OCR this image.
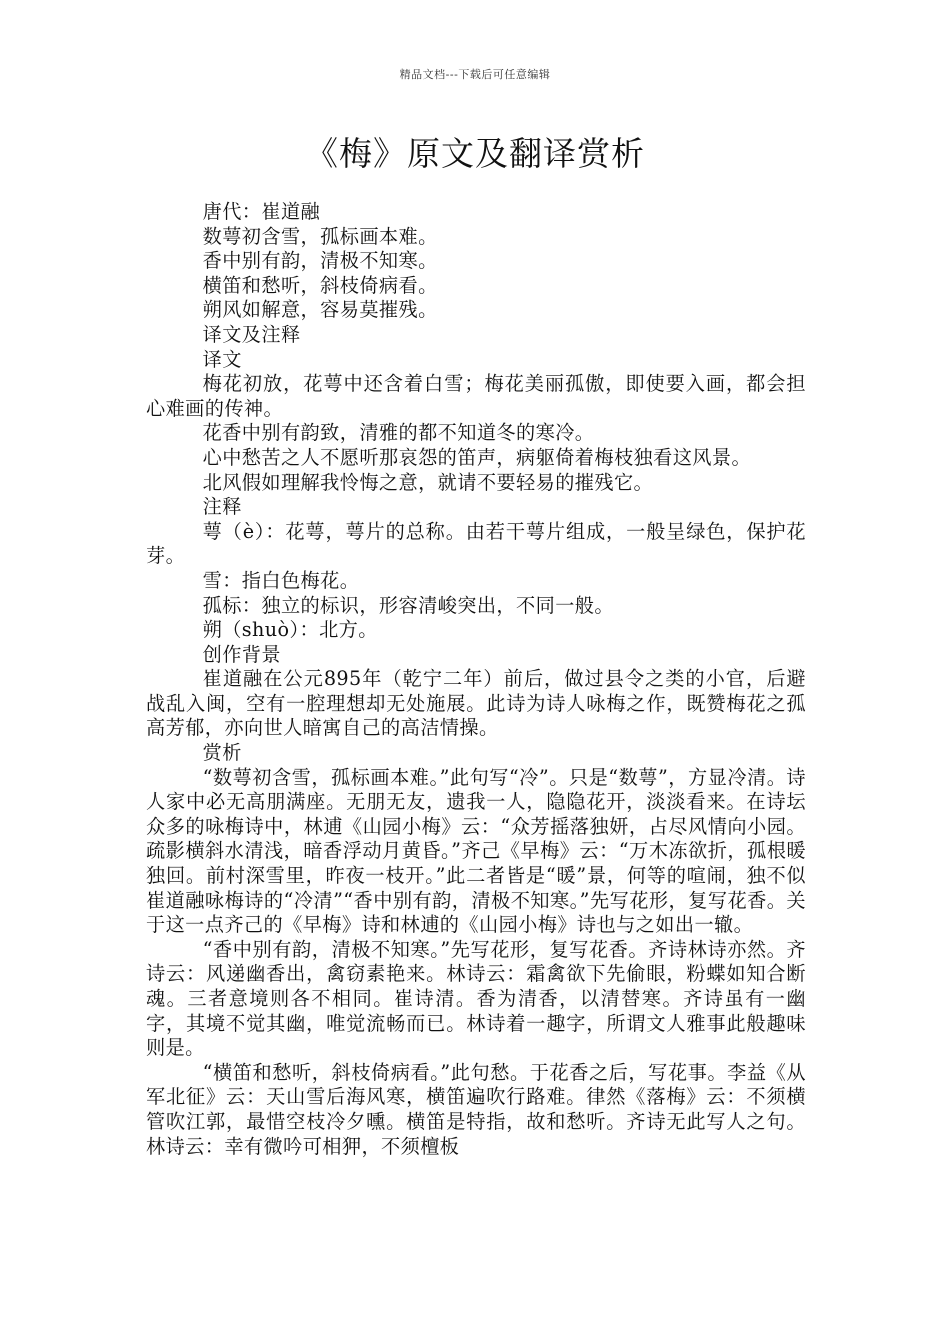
精品文档---下载后可任意编辑
《梅》原文及翻译赏析

唐代：崔道融

数萼初含雪，孤标画本难。

香中别有韵，清极不知寒。

横笛和愁听，斜枝倚病看。

朔风如解意，容易莫摧残。

译文及注释

译文

梅花初放，花萼中还含着白雪；梅花美丽孤傲，即使要入画，都会担心难画的传神。

花香中别有韵致，清雅的都不知道冬的寒冷。

心中愁苦之人不愿听那哀怨的笛声，病躯倚着梅枝独看这风景。

北风假如理解我怜悔之意，就请不要轻易的摧残它。

注释

萼（è）：花萼，萼片的总称。由若干萼片组成，一般呈绿色，保护花芽。

雪：指白色梅花。

孤标：独立的标识，形容清峻突出，不同一般。

朔（shuò）：北方。

创作背景

崔道融在公元895年（乾宁二年）前后，做过县令之类的小官，后避战乱入闽，空有一腔理想却无处施展。此诗为诗人咏梅之作，既赞梅花之孤高芳郁，亦向世人暗寓自己的高洁情操。

赏析

“数萼初含雪，孤标画本难。”此句写“冷”。只是“数萼”，方显冷清。诗人家中必无高朋满座。无朋无友，遗我一人，隐隐花开，淡淡看来。在诗坛众多的咏梅诗中，林逋《山园小梅》云：“众芳摇落独妍，占尽风情向小园。疏影横斜水清浅，暗香浮动月黄昏。”齐己《早梅》云：“万木冻欲折，孤根暖独回。前村深雪里，昨夜一枝开。”此二者皆是“暖”景，何等的喧闹，独不似崔道融咏梅诗的“冷清”“香中别有韵，清极不知寒。”先写花形，复写花香。关于这一点齐己的《早梅》诗和林逋的《山园小梅》诗也与之如出一辙。

“香中别有韵，清极不知寒。”先写花形，复写花香。齐诗林诗亦然。齐诗云：风递幽香出，禽窃素艳来。林诗云：霜禽欲下先偷眼，粉蝶如知合断魂。三者意境则各不相同。崔诗清。香为清香，以清替寒。齐诗虽有一幽字，其境不觉其幽，唯觉流畅而已。林诗着一趣字，所谓文人雅事此般趣味则是。

“横笛和愁听，斜枝倚病看。”此句愁。于花香之后，写花事。李益《从军北征》云：天山雪后海风寒，横笛遍吹行路难。律然《落梅》云：不须横管吹江郭，最惜空枝冷夕曛。横笛是特指，故和愁听。齐诗无此写人之句。林诗云：幸有微吟可相狎，不须檀板
